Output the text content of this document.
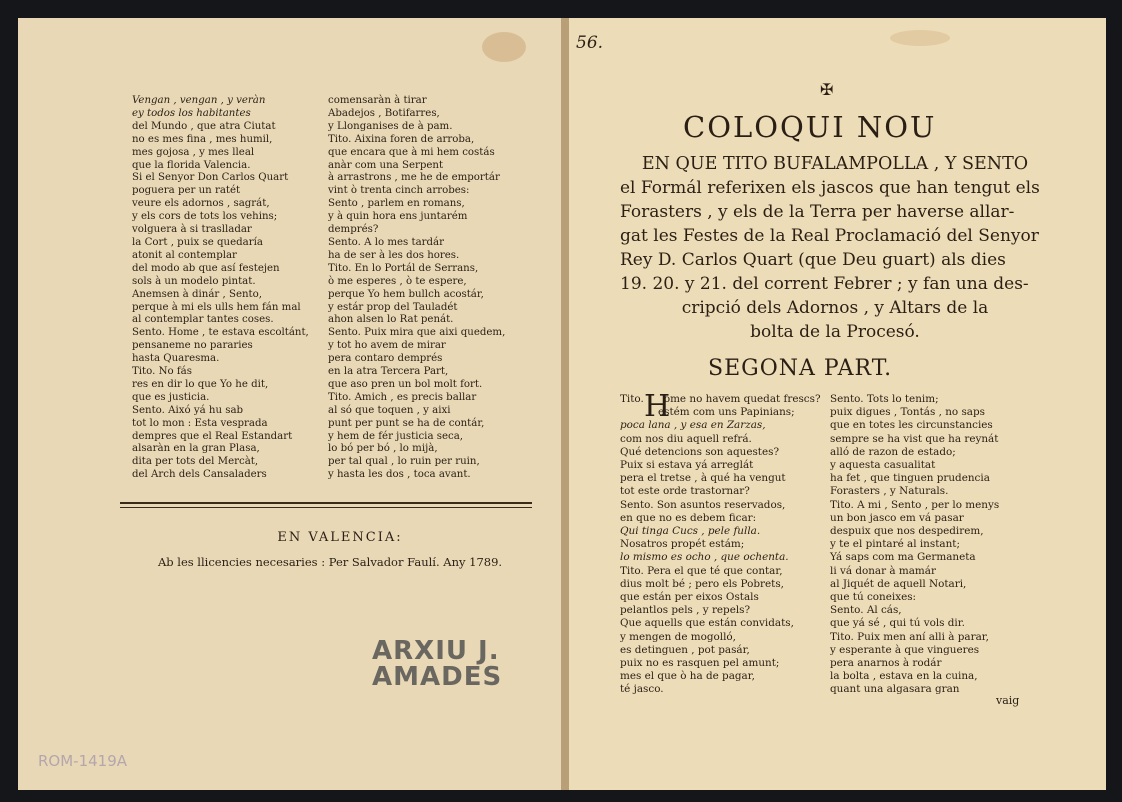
Vengan , vengan , y veràn
ey todos los habitantes
del Mundo , que atra Ciutat
no es mes fina , mes humil,
mes gojosa , y mes lleal
que la florida Valencia.
Si el Senyor Don Carlos Quart
poguera per un ratét
veure els adornos , sagrát,
y els cors de tots los vehins;
volguera à si traslladar
la Cort , puix se quedaría
atonit al contemplar
del modo ab que así festejen
sols à un modelo pintat.
Anemsen à dinár , Sento,
perque à mi els ulls hem fán mal
al contemplar tantes coses.
Sento. Home , te estava escoltánt,
pensaneme no pararies
hasta Quaresma.
Tito. No fás
res en dir lo que Yo he dit,
que es justicia.
Sento. Aixó yá hu sab
tot lo mon : Esta vesprada
dempres que el Real Estandart
alsaràn en la gran Plasa,
dita per tots del Mercàt,
del Arch dels Cansaladers
comensaràn à tirar
Abadejos , Botifarres,
y Llonganises de à pam.
Tito. Aixina foren de arroba,
que encara que à mi hem costás
anàr com una Serpent
à arrastrons , me he de emportár
vint ò trenta cinch arrobes:
Sento , parlem en romans,
y à quin hora ens juntarém
demprés?
Sento. A lo mes tardár
ha de ser à les dos hores.
Tito. En lo Portál de Serrans,
ò me esperes , ò te espere,
perque Yo hem bullch acostár,
y estár prop del Tauladét
ahon alsen lo Rat penát.
Sento. Puix mira que aixi quedem,
y tot ho avem de mirar
pera contaro demprés
en la atra Tercera Part,
que aso pren un bol molt fort.
Tito. Amich , es precis ballar
al só que toquen , y aixi
punt per punt se ha de contár,
y hem de fér justicia seca,
lo bó per bó , lo mijà,
per tal qual , lo ruin per ruin,
y hasta les dos , toca avant.
EN VALENCIA:
Ab les llicencies necesaries : Per Salvador Faulí. Any 1789.
ARXIU J.
AMADES
ROM-1419A
56.
✠
COLOQUI NOU
EN QUE TITO BUFALAMPOLLA , Y SENTO
el Formál referixen els jascos que han tengut els
Forasters , y els de la Terra per haverse allar-
gat les Festes de la Real Proclamació del Senyor
Rey D. Carlos Quart (que Deu guart) als dies
19. 20. y 21. del corrent Febrer ; y fan una des-
cripció dels Adornos , y Altars de la
bolta de la Procesó.
SEGONA PART.
H
Tito. ome no havem quedat frescs?
estém com uns Papinians;
poca lana , y esa en Zarzas,
com nos diu aquell refrá.
Qué detencions son aquestes?
Puix si estava yá arreglát
pera el tretse , à qué ha vengut
tot este orde trastornar?
Sento. Son asuntos reservados,
en que no es debem ficar:
Qui tinga Cucs , pele fulla.
Nosatros propét estám;
lo mismo es ocho , que ochenta.
Tito. Pera el que té que contar,
dius molt bé ; pero els Pobrets,
que están per eixos Ostals
pelantlos pels , y repels?
Que aquells que están convidats,
y mengen de mogolló,
es detinguen , pot pasár,
puix no es rasquen pel amunt;
mes el que ò ha de pagar,
té jasco.
Sento. Tots lo tenim;
puix digues , Tontás , no saps
que en totes les circunstancies
sempre se ha vist que ha reynát
alló de razon de estado;
y aquesta casualitat
ha fet , que tinguen prudencia
Forasters , y Naturals.
Tito. A mi , Sento , per lo menys
un bon jasco em vá pasar
despuix que nos despedirem,
y te el pintaré al instant;
Yá saps com ma Germaneta
li vá donar à mamár
al Jiquét de aquell Notari,
que tú coneixes:
Sento. Al cás,
que yá sé , qui tú vols dir.
Tito. Puix men aní alli à parar,
y esperante à que vingueres
pera anarnos à rodár
la bolta , estava en la cuina,
quant una algasara gran
vaig
